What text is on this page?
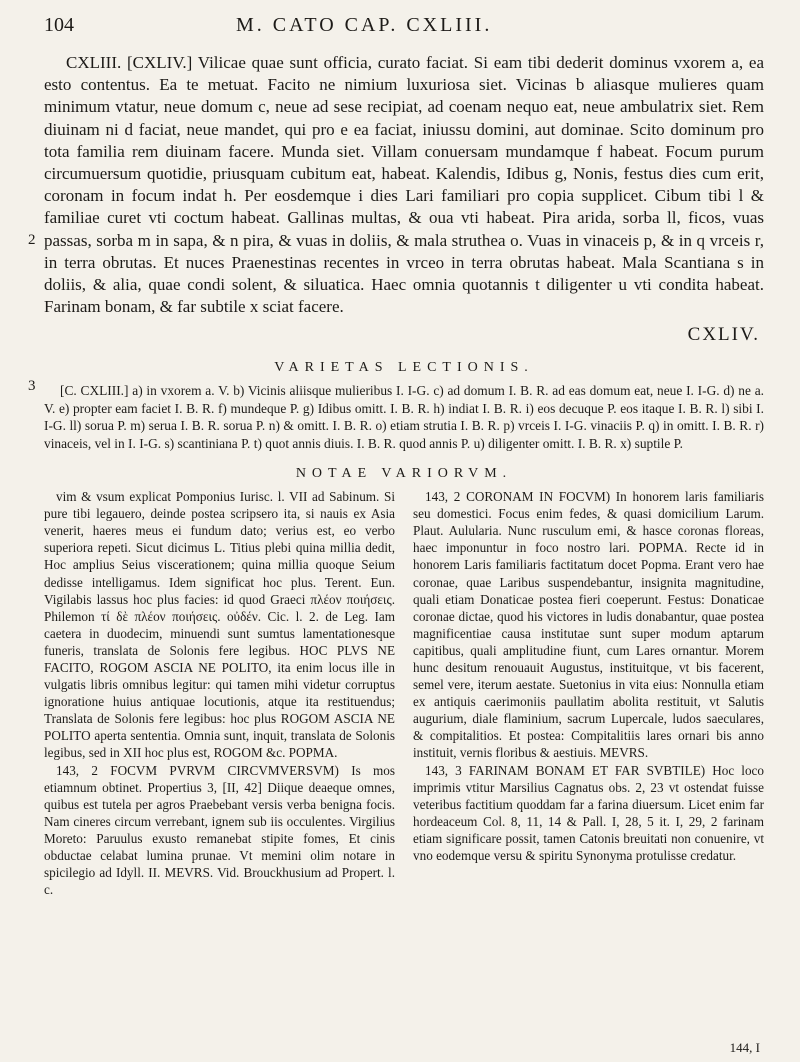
104	M. CATO CAP. CXLIII.

CXLIII. [CXLIV.] Vilicae quae sunt officia, curato faciat. Si eam tibi dederit dominus vxorem a, ea esto contentus. Ea te metuat. Facito ne nimium luxuriosa siet. Vicinas b aliasque mulieres quam minimum vtatur, neue domum c, neue ad sese recipiat, ad coenam nequo eat, neue ambulatrix siet. Rem diuinam ni d faciat, neue mandet, qui pro e ea faciat, iniussu domini, aut dominae. Scito dominum pro tota familia rem diuinam facere. Munda siet. Villam conuersam mundamque f habeat. Focum purum circumuersum quotidie, priusquam cubitum eat, habeat. Kalendis, Idibus g, Nonis, festus dies cum erit, coronam in focum indat h. Per eosdemque i dies Lari familiari pro copia supplicet. Cibum tibi l & familiae curet vti coctum habeat. Gallinas multas, & oua vti habeat. Pira arida, sorba ll, ficos, vuas passas, sorba m in sapa, & n pira, & vuas in doliis, & mala struthea o. Vuas in vinaceis p, & in q vrceis r, in terra obrutas. Et nuces Praenestinas recentes in vrceo in terra obrutas habeat. Mala Scantiana s in doliis, & alia, quae condi solent, & siluatica. Haec omnia quotannis t diligenter u vti condita habeat. Farinam bonam, & far subtile x sciat facere.

2
3
CXLIV.
VARIETAS LECTIONIS.

[C. CXLIII.] a) in vxorem a. V. b) Vicinis aliisque mulieribus I. I-G. c) ad domum I. B. R. ad eas domum eat, neue I. I-G. d) ne a. V. e) propter eam faciet I. B. R. f) mundeque P. g) Idibus omitt. I. B. R. h) indiat I. B. R. i) eos decuque P. eos itaque I. B. R. l) sibi I. I-G. ll) sorua P. m) serua I. B. R. sorua P. n) & omitt. I. B. R. o) etiam strutia I. B. R. p) vrceis I. I-G. vinaciis P. q) in omitt. I. B. R. r) vinaceis, vel in I. I-G. s) scantiniana P. t) quot annis diuis. I. B. R. quod annis P. u) diligenter omitt. I. B. R. x) suptile P.

NOTAE VARIORVM.

vim & vsum explicat Pomponius Iurisc. l. VII ad Sabinum. Si pure tibi legauero, deinde postea scripsero ita, si nauis ex Asia venerit, haeres meus ei fundum dato; verius est, eo verbo superiora repeti. Sicut dicimus L. Titius plebi quina millia dedit, Hoc amplius Seius viscerationem; quina millia quoque Seium dedisse intelligamus. Idem significat hoc plus. Terent. Eun. Vigilabis lassus hoc plus facies: id quod Graeci πλέον ποιήσεις. Philemon τί δὲ πλέον ποιήσεις. οὐδέν. Cic. l. 2. de Leg. Iam caetera in duodecim, minuendi sunt sumtus lamentationesque funeris, translata de Solonis fere legibus. HOC PLVS NE FACITO, ROGOM ASCIA NE POLITO, ita enim locus ille in vulgatis libris omnibus legitur: qui tamen mihi videtur corruptus ignoratione huius antiquae locutionis, atque ita restituendus; Translata de Solonis fere legibus: hoc plus ROGOM ASCIA NE POLITO aperta sententia. Omnia sunt, inquit, translata de Solonis legibus, sed in XII hoc plus est, ROGOM &c. POPMA.

143, 2 FOCVM PVRVM CIRCVMVERSVM) Is mos etiamnum obtinet. Propertius 3, [II, 42] Diique deaeque omnes, quibus est tutela per agros Praebebant versis verba benigna focis. Nam cineres circum verrebant, ignem sub iis occulentes. Virgilius Moreto: Paruulus exusto remanebat stipite fomes, Et cinis obductae celabat lumina prunae. Vt memini olim notare in spicilegio ad Idyll. II. MEVRS. Vid. Brouckhusium ad Propert. l. c.

143, 2 CORONAM IN FOCVM) In honorem laris familiaris seu domestici. Focus enim fedes, & quasi domicilium Larum. Plaut. Aulularia. Nunc rusculum emi, & hasce coronas floreas, haec imponuntur in foco nostro lari. POPMA. Recte id in honorem Laris familiaris factitatum docet Popma. Erant vero hae coronae, quae Laribus suspendebantur, insignita magnitudine, quali etiam Donaticae postea fieri coeperunt. Festus: Donaticae coronae dictae, quod his victores in ludis donabantur, quae postea magnificentiae causa institutae sunt super modum aptarum capitibus, quali amplitudine fiunt, cum Lares ornantur. Morem hunc desitum renouauit Augustus, instituitque, vt bis facerent, semel vere, iterum aestate. Suetonius in vita eius: Nonnulla etiam ex antiquis caerimoniis paullatim abolita restituit, vt Salutis augurium, diale flaminium, sacrum Lupercale, ludos saeculares, & compitalitios. Et postea: Compitalitiis lares ornari bis anno instituit, vernis floribus & aestiuis. MEVRS.

143, 3 FARINAM BONAM ET FAR SVBTILE) Hoc loco imprimis vtitur Marsilius Cagnatus obs. 2, 23 vt ostendat fuisse veteribus factitium quoddam far a farina diuersum. Licet enim far hordeaceum Col. 8, 11, 14 & Pall. I, 28, 5 it. I, 29, 2 farinam etiam significare possit, tamen Catonis breuitati non conuenire, vt vno eodemque versu & spiritu Synonyma protulisse credatur.

144, I
